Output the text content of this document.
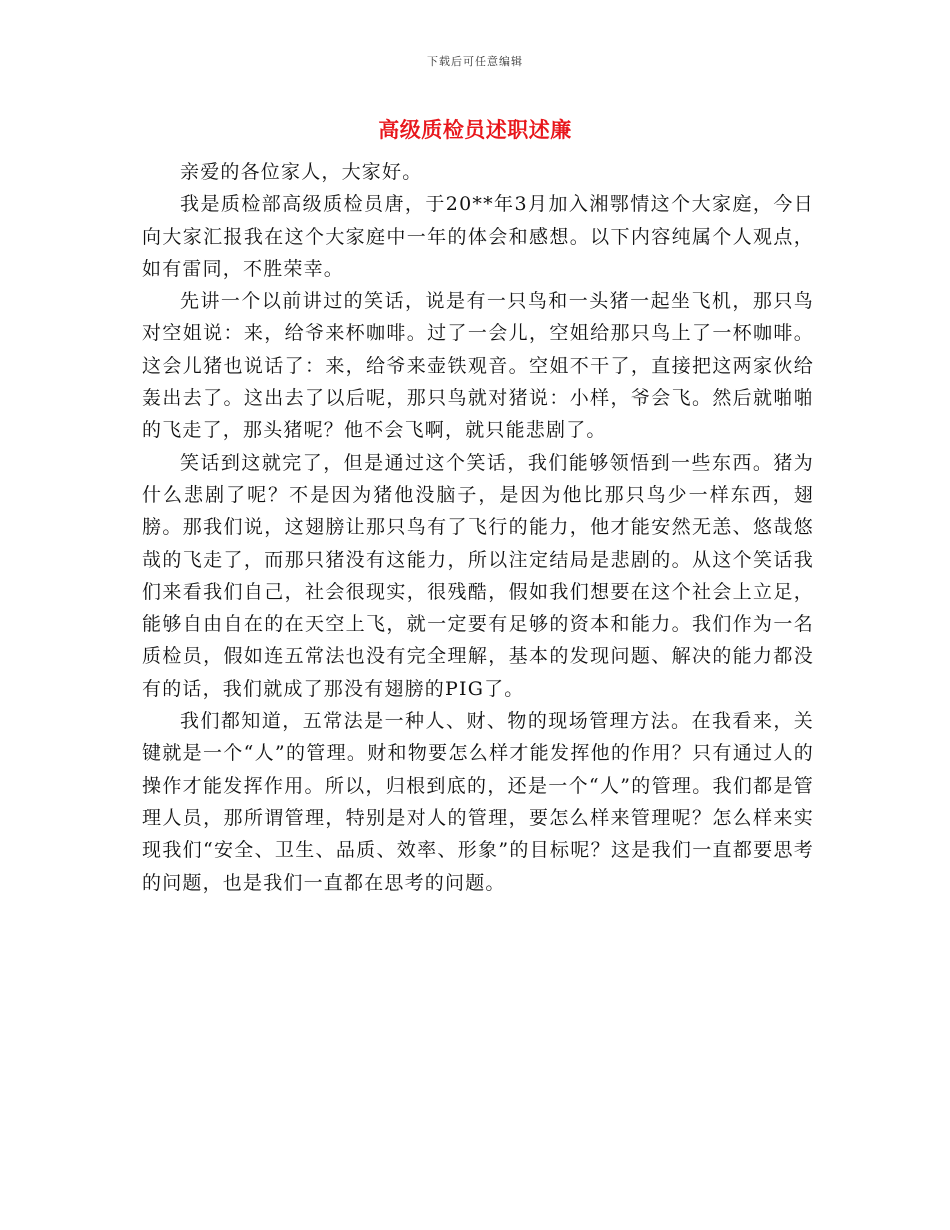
下载后可任意编辑
高级质检员述职述廉

亲爱的各位家人，大家好。

我是质检部高级质检员唐，于20**年3月加入湘鄂情这个大家庭，今日向大家汇报我在这个大家庭中一年的体会和感想。以下内容纯属个人观点，如有雷同，不胜荣幸。

先讲一个以前讲过的笑话，说是有一只鸟和一头猪一起坐飞机，那只鸟对空姐说：来，给爷来杯咖啡。过了一会儿，空姐给那只鸟上了一杯咖啡。这会儿猪也说话了：来，给爷来壶铁观音。空姐不干了，直接把这两家伙给轰出去了。这出去了以后呢，那只鸟就对猪说：小样，爷会飞。然后就啪啪的飞走了，那头猪呢？他不会飞啊，就只能悲剧了。

笑话到这就完了，但是通过这个笑话，我们能够领悟到一些东西。猪为什么悲剧了呢？不是因为猪他没脑子，是因为他比那只鸟少一样东西，翅膀。那我们说，这翅膀让那只鸟有了飞行的能力，他才能安然无恙、悠哉悠哉的飞走了，而那只猪没有这能力，所以注定结局是悲剧的。从这个笑话我们来看我们自己，社会很现实，很残酷，假如我们想要在这个社会上立足，能够自由自在的在天空上飞，就一定要有足够的资本和能力。我们作为一名质检员，假如连五常法也没有完全理解，基本的发现问题、解决的能力都没有的话，我们就成了那没有翅膀的PIG了。

我们都知道，五常法是一种人、财、物的现场管理方法。在我看来，关键就是一个“人”的管理。财和物要怎么样才能发挥他的作用？只有通过人的操作才能发挥作用。所以，归根到底的，还是一个“人”的管理。我们都是管理人员，那所谓管理，特别是对人的管理，要怎么样来管理呢？怎么样来实现我们“安全、卫生、品质、效率、形象”的目标呢？这是我们一直都要思考的问题，也是我们一直都在思考的问题。
